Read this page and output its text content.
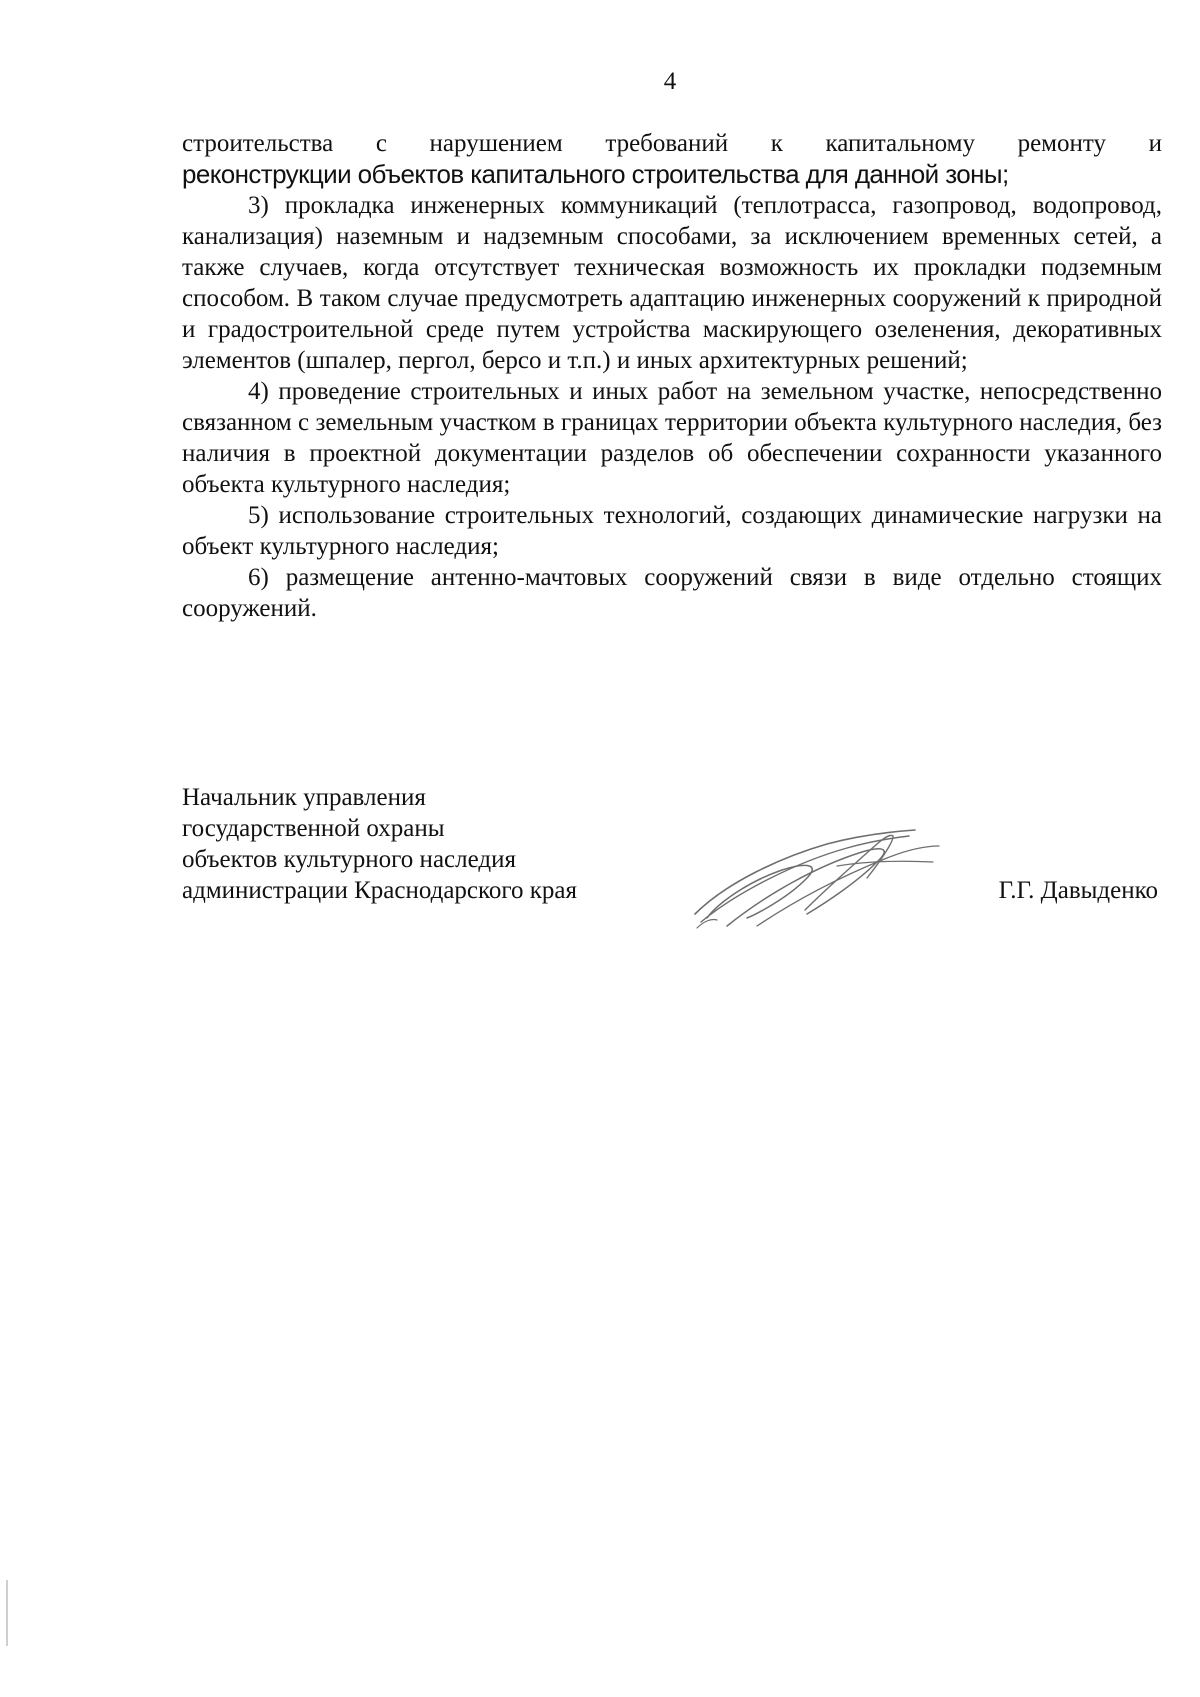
4

строительства с нарушением требований к капитальному ремонту и
реконструкции объектов капитального строительства для данной зоны;

3) прокладка инженерных коммуникаций (теплотрасса, газопровод, водопровод, канализация) наземным и надземным способами, за исключением временных сетей, а также случаев, когда отсутствует техническая возможность их прокладки подземным способом. В таком случае предусмотреть адаптацию инженерных сооружений к природной и градостроительной среде путем устройства маскирующего озеленения, декоративных элементов (шпалер, пергол, берсо и т.п.) и иных архитектурных решений;

4) проведение строительных и иных работ на земельном участке, непосредственно связанном с земельным участком в границах территории объекта культурного наследия, без наличия в проектной документации разделов об обеспечении сохранности указанного объекта культурного наследия;

5) использование строительных технологий, создающих динамические нагрузки на объект культурного наследия;

6) размещение антенно-мачтовых сооружений связи в виде отдельно стоящих сооружений.

Начальник управления
государственной охраны
объектов культурного наследия
администрации Краснодарского края	Г.Г. Давыденко
